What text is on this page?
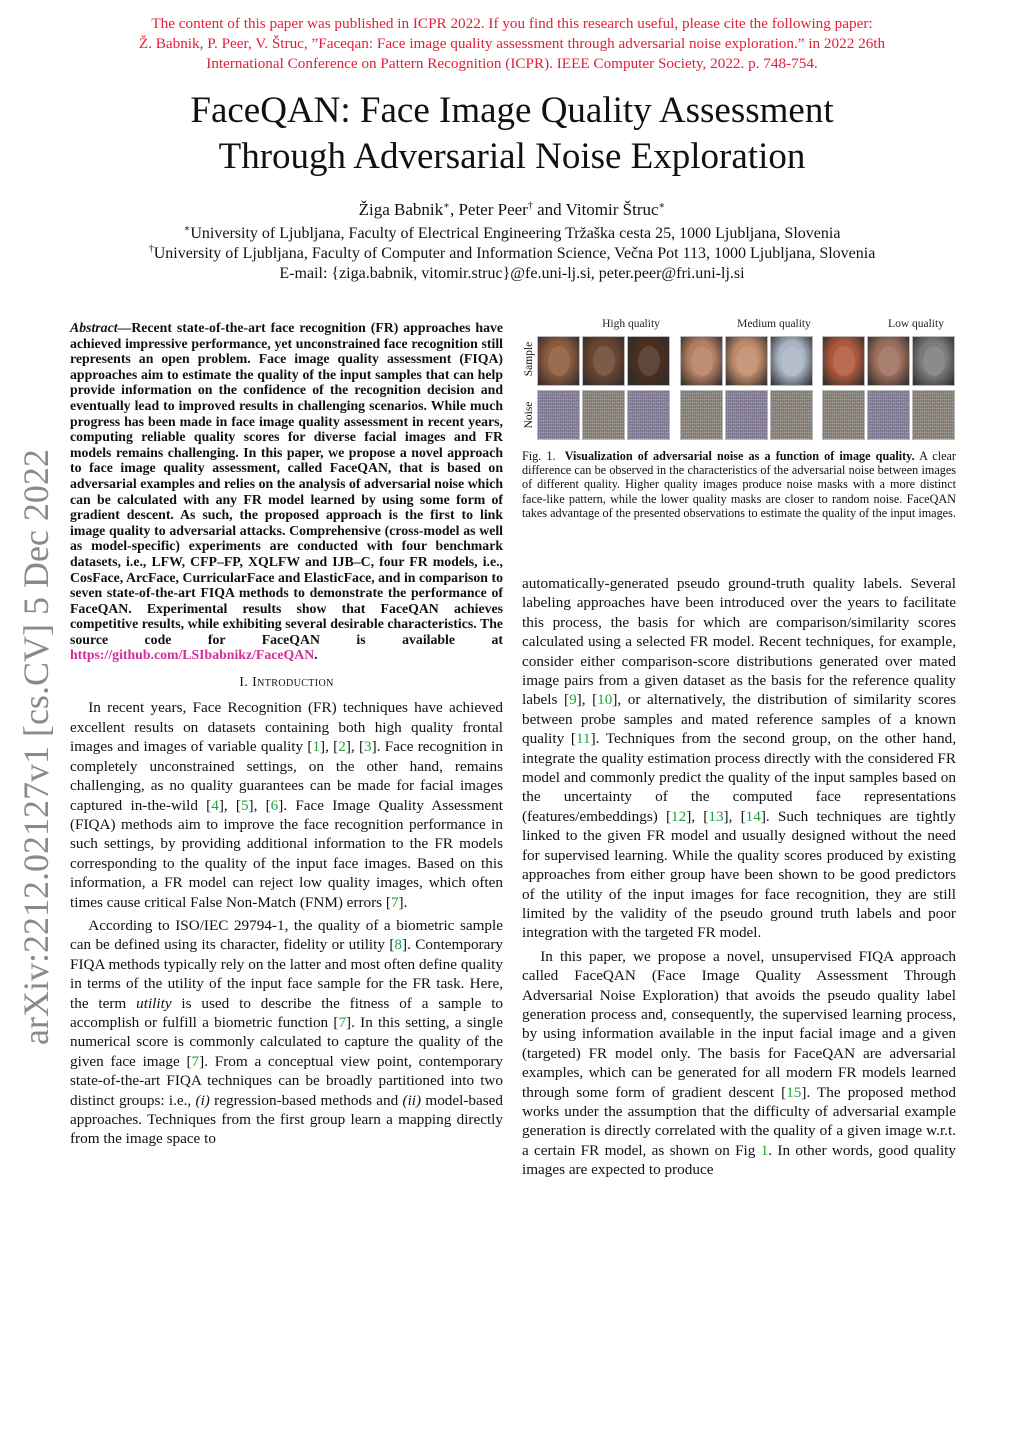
The content of this paper was published in ICPR 2022. If you find this research useful, please cite the following paper:
Ž. Babnik, P. Peer, V. Štruc, ”Faceqan: Face image quality assessment through adversarial noise exploration.” in 2022 26th
International Conference on Pattern Recognition (ICPR). IEEE Computer Society, 2022. p. 748-754.
FaceQAN: Face Image Quality Assessment
Through Adversarial Noise Exploration
Žiga Babnik∗, Peter Peer† and Vitomir Štruc∗
∗University of Ljubljana, Faculty of Electrical Engineering Tržaška cesta 25, 1000 Ljubljana, Slovenia
†University of Ljubljana, Faculty of Computer and Information Science, Večna Pot 113, 1000 Ljubljana, Slovenia
E-mail: {ziga.babnik, vitomir.struc}@fe.uni-lj.si, peter.peer@fri.uni-lj.si
arXiv:2212.02127v1 [cs.CV] 5 Dec 2022

Abstract—Recent state-of-the-art face recognition (FR) approaches have achieved impressive performance, yet unconstrained face recognition still represents an open problem. Face image quality assessment (FIQA) approaches aim to estimate the quality of the input samples that can help provide information on the confidence of the recognition decision and eventually lead to improved results in challenging scenarios. While much progress has been made in face image quality assessment in recent years, computing reliable quality scores for diverse facial images and FR models remains challenging. In this paper, we propose a novel approach to face image quality assessment, called FaceQAN, that is based on adversarial examples and relies on the analysis of adversarial noise which can be calculated with any FR model learned by using some form of gradient descent. As such, the proposed approach is the first to link image quality to adversarial attacks. Comprehensive (cross-model as well as model-specific) experiments are conducted with four benchmark datasets, i.e., LFW, CFP–FP, XQLFW and IJB–C, four FR models, i.e., CosFace, ArcFace, CurricularFace and ElasticFace, and in comparison to seven state-of-the-art FIQA methods to demonstrate the performance of FaceQAN. Experimental results show that FaceQAN achieves competitive results, while exhibiting several desirable characteristics. The source code for FaceQAN is available at https://github.com/LSIbabnikz/FaceQAN.

I. Introduction

In recent years, Face Recognition (FR) techniques have achieved excellent results on datasets containing both high quality frontal images and images of variable quality [1], [2], [3]. Face recognition in completely unconstrained settings, on the other hand, remains challenging, as no quality guarantees can be made for facial images captured in-the-wild [4], [5], [6]. Face Image Quality Assessment (FIQA) methods aim to improve the face recognition performance in such settings, by providing additional information to the FR models corresponding to the quality of the input face images. Based on this information, a FR model can reject low quality images, which often times cause critical False Non-Match (FNM) errors [7].

According to ISO/IEC 29794-1, the quality of a biometric sample can be defined using its character, fidelity or utility [8]. Contemporary FIQA methods typically rely on the latter and most often define quality in terms of the utility of the input face sample for the FR task. Here, the term utility is used to describe the fitness of a sample to accomplish or fulfill a biometric function [7]. In this setting, a single numerical score is commonly calculated to capture the quality of the given face image [7]. From a conceptual view point, contemporary state-of-the-art FIQA techniques can be broadly partitioned into two distinct groups: i.e., (i) regression-based methods and (ii) model-based approaches. Techniques from the first group learn a mapping directly from the image space to

High quality	Medium quality	Low quality
Sample
Noise
Fig. 1. Visualization of adversarial noise as a function of image quality. A clear difference can be observed in the characteristics of the adversarial noise between images of different quality. Higher quality images produce noise masks with a more distinct face-like pattern, while the lower quality masks are closer to random noise. FaceQAN takes advantage of the presented observations to estimate the quality of the input images.

automatically-generated pseudo ground-truth quality labels. Several labeling approaches have been introduced over the years to facilitate this process, the basis for which are comparison/similarity scores calculated using a selected FR model. Recent techniques, for example, consider either comparison-score distributions generated over mated image pairs from a given dataset as the basis for the reference quality labels [9], [10], or alternatively, the distribution of similarity scores between probe samples and mated reference samples of a known quality [11]. Techniques from the second group, on the other hand, integrate the quality estimation process directly with the considered FR model and commonly predict the quality of the input samples based on the uncertainty of the computed face representations (features/embeddings) [12], [13], [14]. Such techniques are tightly linked to the given FR model and usually designed without the need for supervised learning. While the quality scores produced by existing approaches from either group have been shown to be good predictors of the utility of the input images for face recognition, they are still limited by the validity of the pseudo ground truth labels and poor integration with the targeted FR model.

In this paper, we propose a novel, unsupervised FIQA approach called FaceQAN (Face Image Quality Assessment Through Adversarial Noise Exploration) that avoids the pseudo quality label generation process and, consequently, the supervised learning process, by using information available in the input facial image and a given (targeted) FR model only. The basis for FaceQAN are adversarial examples, which can be generated for all modern FR models learned through some form of gradient descent [15]. The proposed method works under the assumption that the difficulty of adversarial example generation is directly correlated with the quality of a given image w.r.t. a certain FR model, as shown on Fig 1. In other words, good quality images are expected to produce
